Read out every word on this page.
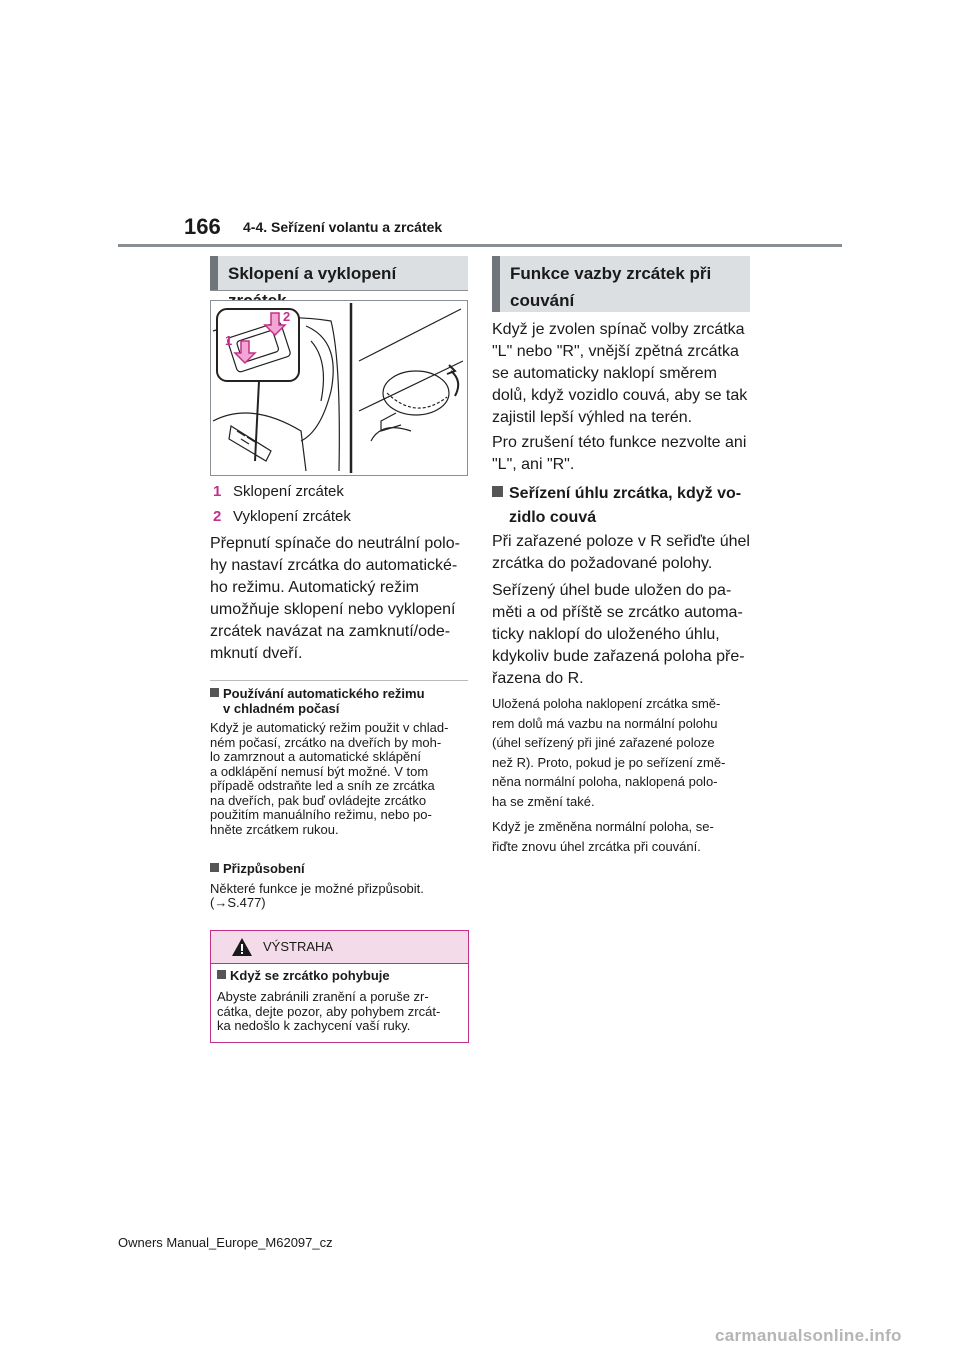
166 4-4. Seřízení volantu a zrcátek
Sklopení a vyklopení
1
2
1 Sklopení zrcátek
2 Vyklopení zrcátek
Přepnutí spínače do neutrální polo-
hy nastaví zrcátka do automatické-
ho režimu. Automatický režim
umožňuje sklopení nebo vyklopení
zrcátek navázat na zamknutí/ode-
mknutí dveří.
Používání automatického režimu
v chladném počasí
Když je automatický režim použit v chlad-
ném počasí, zrcátko na dveřích by moh-
lo zamrznout a automatické sklápění
a odklápění nemusí být možné. V tom
případě odstraňte led a sníh ze zrcátka
na dveřích, pak buď ovládejte zrcátko
použitím manuálního režimu, nebo po-
hněte zrcátkem rukou.
Přizpůsobení
Některé funkce je možné přizpůsobit.
(→S.477)
VÝSTRAHA
Když se zrcátko pohybuje
Abyste zabránili zranění a poruše zr-
cátka, dejte pozor, aby pohybem zrcát-
ka nedošlo k zachycení vaší ruky.
Funkce vazby zrcátek při
couvání
Když je zvolen spínač volby zrcátka
"L" nebo "R", vnější zpětná zrcátka
se automaticky naklopí směrem
dolů, když vozidlo couvá, aby se tak
zajistil lepší výhled na terén.
Pro zrušení této funkce nezvolte ani
"L", ani "R".
Seřízení úhlu zrcátka, když vo-
zidlo couvá
Při zařazené poloze v R seřiďte úhel
zrcátka do požadované polohy.
Seřízený úhel bude uložen do pa-
měti a od příště se zrcátko automa-
ticky naklopí do uloženého úhlu,
kdykoliv bude zařazená poloha pře-
řazena do R.
Uložená poloha naklopení zrcátka smě-
rem dolů má vazbu na normální polohu
(úhel seřízený při jiné zařazené poloze
než R). Proto, pokud je po seřízení změ-
něna normální poloha, naklopená polo-
ha se změní také.
Když je změněna normální poloha, se-
řiďte znovu úhel zrcátka při couvání.
Owners Manual_Europe_M62097_cz
carmanualsonline.info
